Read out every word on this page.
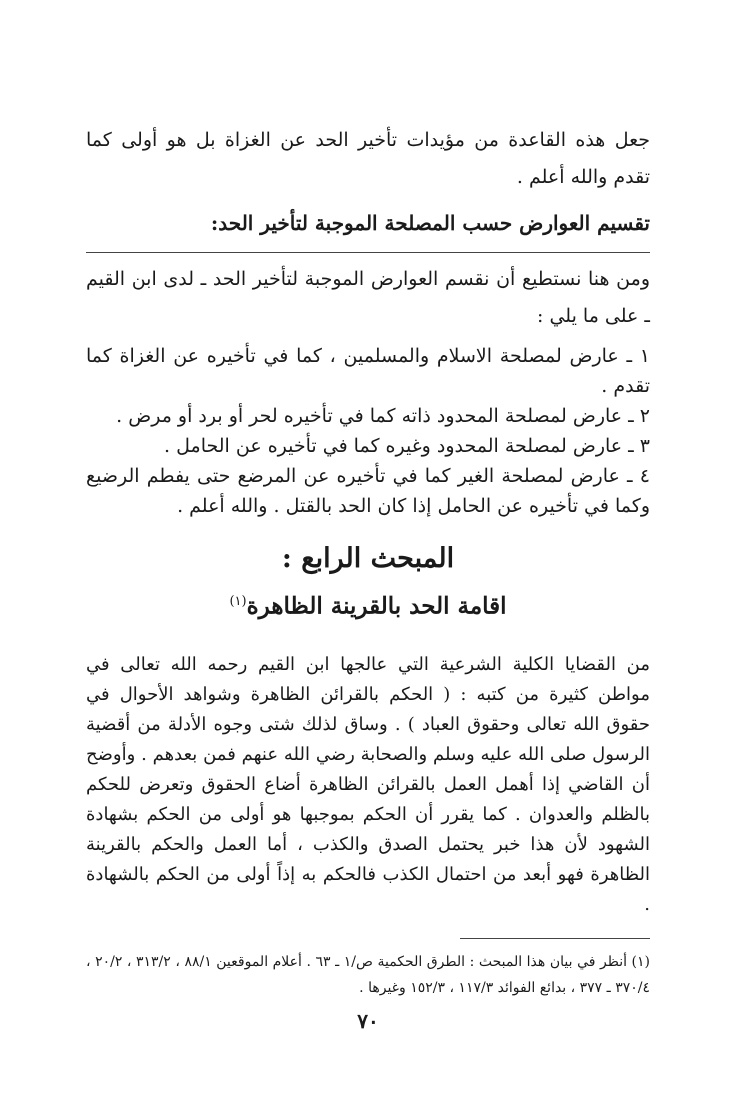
جعل هذه القاعدة من مؤيدات تأخير الحد عن الغزاة بل هو أولى كما تقدم والله أعلم .

تقسيم العوارض حسب المصلحة الموجبة لتأخير الحد:

ومن هنا نستطيع أن نقسم العوارض الموجبة لتأخير الحد ـ لدى ابن القيم ـ على ما يلي :

١ ـ عارض لمصلحة الاسلام والمسلمين ، كما في تأخيره عن الغزاة كما تقدم .

٢ ـ عارض لمصلحة المحدود ذاته كما في تأخيره لحر أو برد أو مرض .

٣ ـ عارض لمصلحة المحدود وغيره كما في تأخيره عن الحامل .

٤ ـ عارض لمصلحة الغير كما في تأخيره عن المرضع حتى يفطم الرضيع وكما في تأخيره عن الحامل إذا كان الحد بالقتل . والله أعلم .

المبحث الرابع :
اقامة الحد بالقرينة الظاهرة$^{(١)}$

من القضايا الكلية الشرعية التي عالجها ابن القيم رحمه الله تعالى في مواطن كثيرة من كتبه : ( الحكم بالقرائن الظاهرة وشواهد الأحوال في حقوق الله تعالى وحقوق العباد ) . وساق لذلك شتى وجوه الأدلة من أقضية الرسول صلى الله عليه وسلم والصحابة رضي الله عنهم فمن بعدهم . وأوضح أن القاضي إذا أهمل العمل بالقرائن الظاهرة أضاع الحقوق وتعرض للحكم بالظلم والعدوان . كما يقرر أن الحكم بموجبها هو أولى من الحكم بشهادة الشهود لأن هذا خبر يحتمل الصدق والكذب ، أما العمل والحكم بالقرينة الظاهرة فهو أبعد من احتمال الكذب فالحكم به إذاً أولى من الحكم بالشهادة .

(١) أنظر في بيان هذا المبحث : الطرق الحكمية ص/١ ـ ٦٣ . أعلام الموقعين ٨٨/١ ، ٣١٣/٢ ، ٢٠/٢ ، ٣٧٠/٤ ـ ٣٧٧ ، بدائع الفوائد ١١٧/٣ ، ١٥٢/٣ وغيرها .

٧٠
